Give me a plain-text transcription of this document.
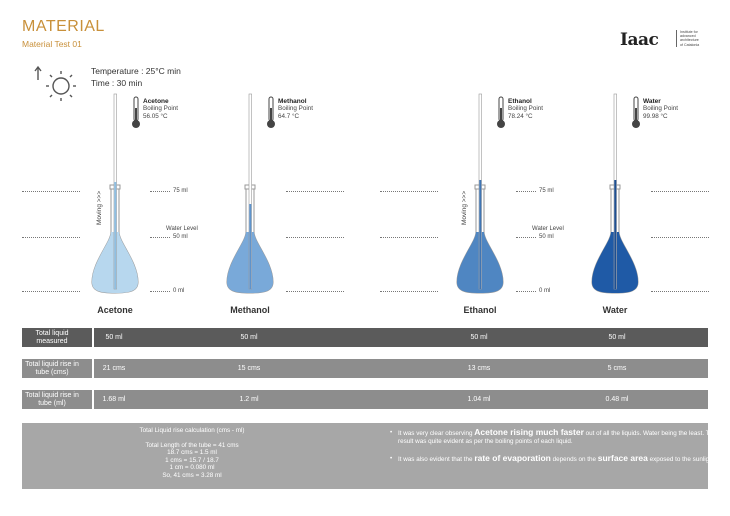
MATERIAL
Material Test 01	Iaac	Institute for
advanced
architecture
of Catalonia
Temperature : 25°C min
Time : 30 min
Acetone
Boiling Point
56.05 °C
Methanol
Boiling Point
64.7 °C
Ethanol
Boiling Point
78.24 °C
Water
Boiling Point
99.98 °C
75 ml
Water Level
50 ml
0 ml
75 ml
Water Level
50 ml
0 ml
Moving >>>	Moving >>>
Acetone	Methanol	Ethanol	Water
Total liquid measured	50 ml	50 ml	50 ml	50 ml
Total liquid rise in tube (cms)	21 cms	15 cms	13 cms	5 cms
Total liquid rise in tube (ml)	1.68 ml	1.2 ml	1.04 ml	0.48 ml
Total Liquid rise calculation (cms - ml)
Total Length of the tube = 41 cms
18.7 cms = 1.5 ml
1 cms = 15.7 / 18.7
1 cm = 0.080 ml
So, 41 cms = 3.28 ml
• It was very clear observing Acetone rising much faster out of all the liquids. Water being the least. The result was quite evident as per the boiling points of each liquid.
• It was also evident that the rate of evaporation depends on the surface area exposed to the sunlight.
